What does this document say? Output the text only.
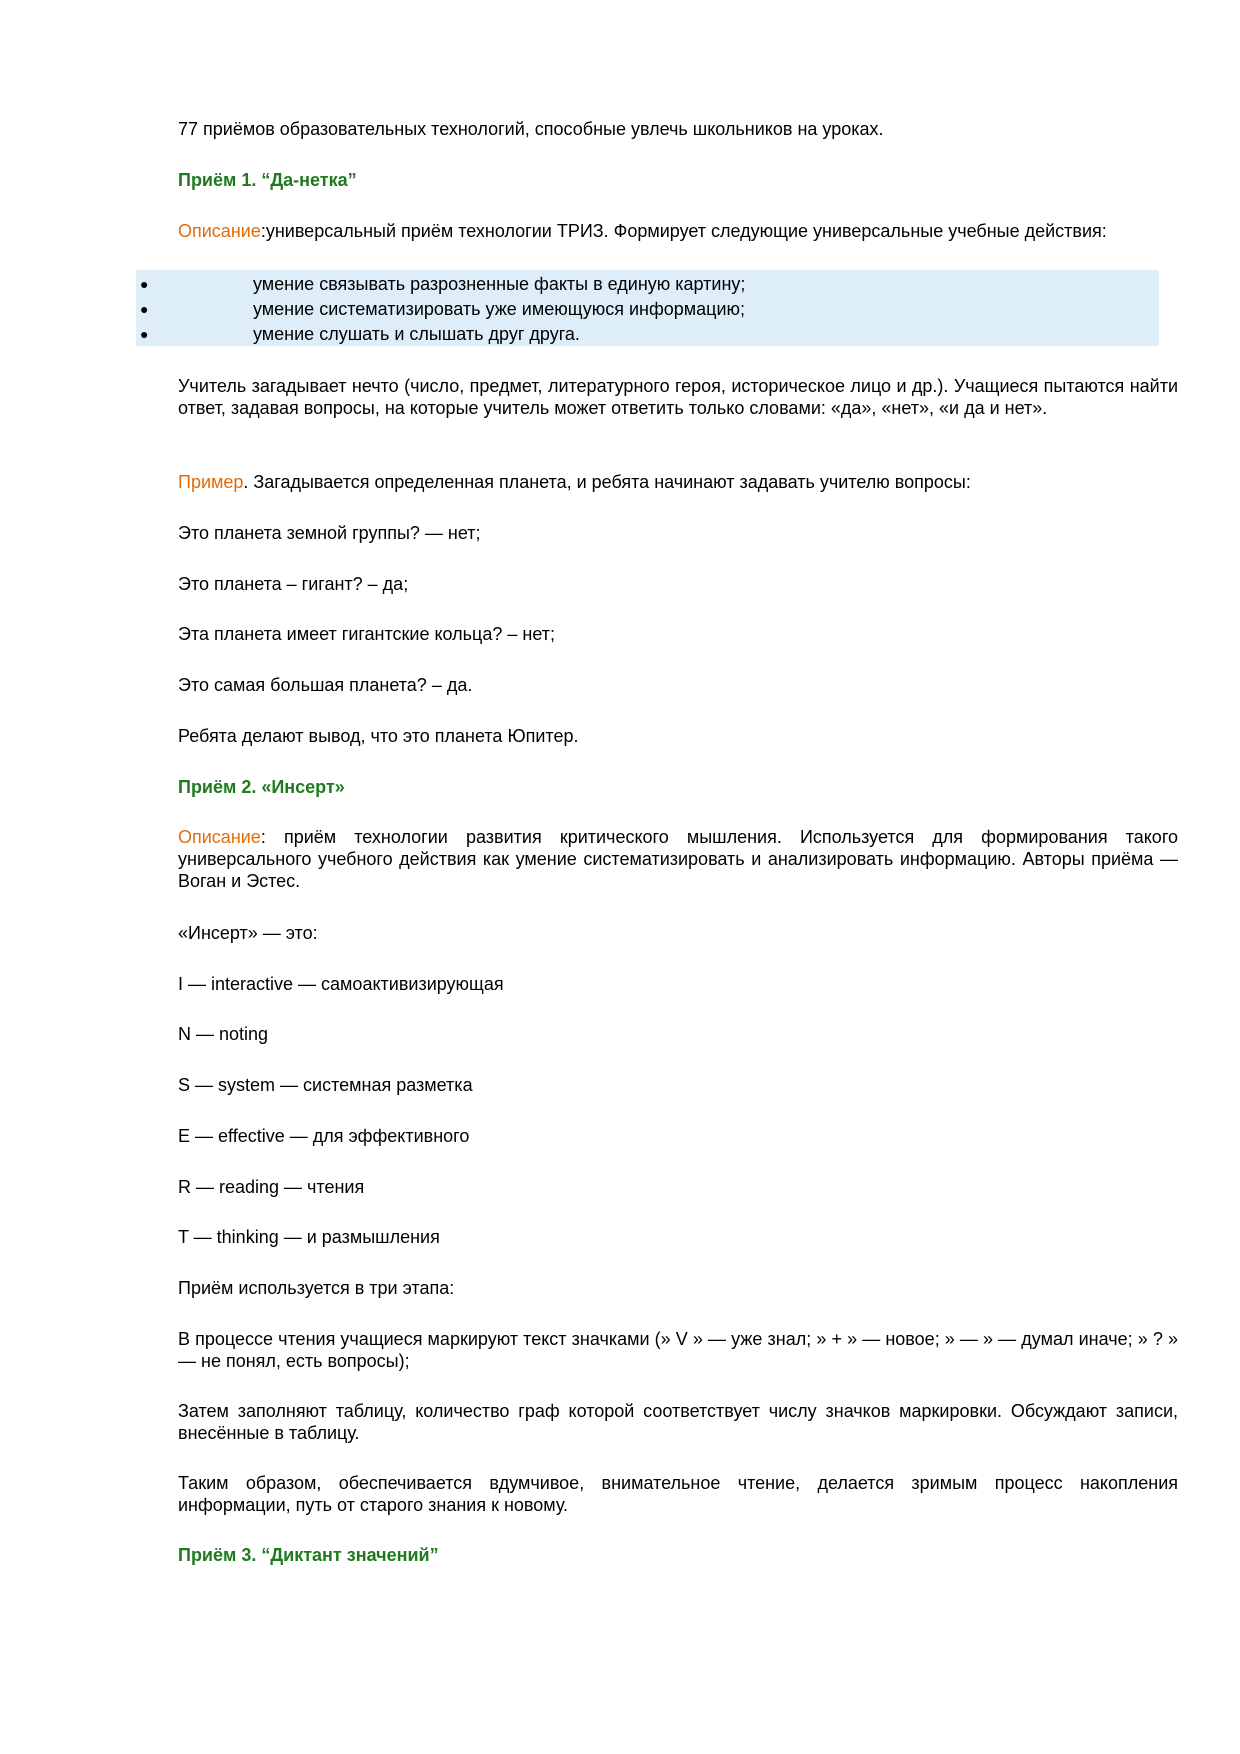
77 приёмов образовательных технологий, способные увлечь школьников на уроках.

Приём 1. “Да-нетка”

Описание:универсальный приём технологии ТРИЗ. Формирует следующие универсальные учебные действия:

●	умение связывать разрозненные факты в единую картину;
●	умение систематизировать уже имеющуюся информацию;
●	умение слушать и слышать друг друга.

Учитель загадывает нечто (число, предмет, литературного героя, историческое лицо и др.). Учащиеся пытаются найти ответ, задавая вопросы, на которые учитель может ответить только словами: «да», «нет», «и да и нет».

Пример. Загадывается определенная планета, и ребята начинают задавать учителю вопросы:

Это планета земной группы? — нет;

Это планета – гигант? – да;

Эта планета имеет гигантские кольца? – нет;

Это самая большая планета? – да.

Ребята делают вывод, что это планета Юпитер.

Приём 2. «Инсерт»

Описание: приём технологии развития критического мышления. Используется для формирования такого универсального учебного действия как умение систематизировать и анализировать информацию. Авторы приёма — Воган и Эстес.

«Инсерт» — это:

I — interactive — самоактивизирующая

N — noting

S — system — системная разметка

E — effective — для эффективного

R — reading — чтения

T — thinking — и размышления

Приём используется в три этапа:

В процессе чтения учащиеся маркируют текст значками (» V » — уже знал; » + » — новое; » — » — думал иначе; » ? » — не понял, есть вопросы);

Затем заполняют таблицу, количество граф которой соответствует числу значков маркировки. Обсуждают записи, внесённые в таблицу.

Таким образом, обеспечивается вдумчивое, внимательное чтение, делается зримым процесс накопления информации, путь от старого знания к новому.

Приём 3. “Диктант значений”
